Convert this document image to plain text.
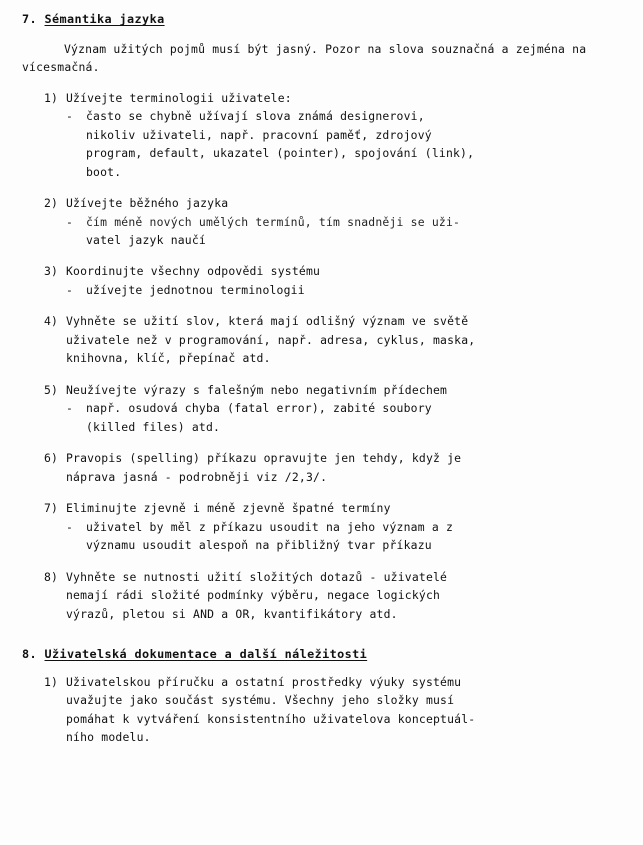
7. Sémantika jazyka

Význam užitých pojmů musí být jasný. Pozor na slova souznačná a zejména na vícesmačná.

1) Užívejte terminologii uživatele:
- často se chybně užívají slova známá designerovi,
nikoliv uživateli, např. pracovní paměť, zdrojový
program, default, ukazatel (pointer), spojování (link),
boot.
2) Užívejte běžného jazyka
- čím méně nových umělých termínů, tím snadněji se uži-
vatel jazyk naučí
3) Koordinujte všechny odpovědi systému
- užívejte jednotnou terminologii
4) Vyhněte se užití slov, která mají odlišný význam ve světě
uživatele než v programování, např. adresa, cyklus, maska,
knihovna, klíč, přepínač atd.
5) Neužívejte výrazy s falešným nebo negativním přídechem
- např. osudová chyba (fatal error), zabité soubory
(killed files) atd.
6) Pravopis (spelling) příkazu opravujte jen tehdy, když je
náprava jasná - podrobněji viz /2,3/.
7) Eliminujte zjevně i méně zjevně špatné termíny
- uživatel by měl z příkazu usoudit na jeho význam a z
významu usoudit alespoň na přibližný tvar příkazu
8) Vyhněte se nutnosti užití složitých dotazů - uživatelé
nemají rádi složité podmínky výběru, negace logických
výrazů, pletou si AND a OR, kvantifikátory atd.
8. Uživatelská dokumentace a další náležitosti
1) Uživatelskou příručku a ostatní prostředky výuky systému
uvažujte jako součást systému. Všechny jeho složky musí
pomáhat k vytváření konsistentního uživatelova konceptuál-
ního modelu.
